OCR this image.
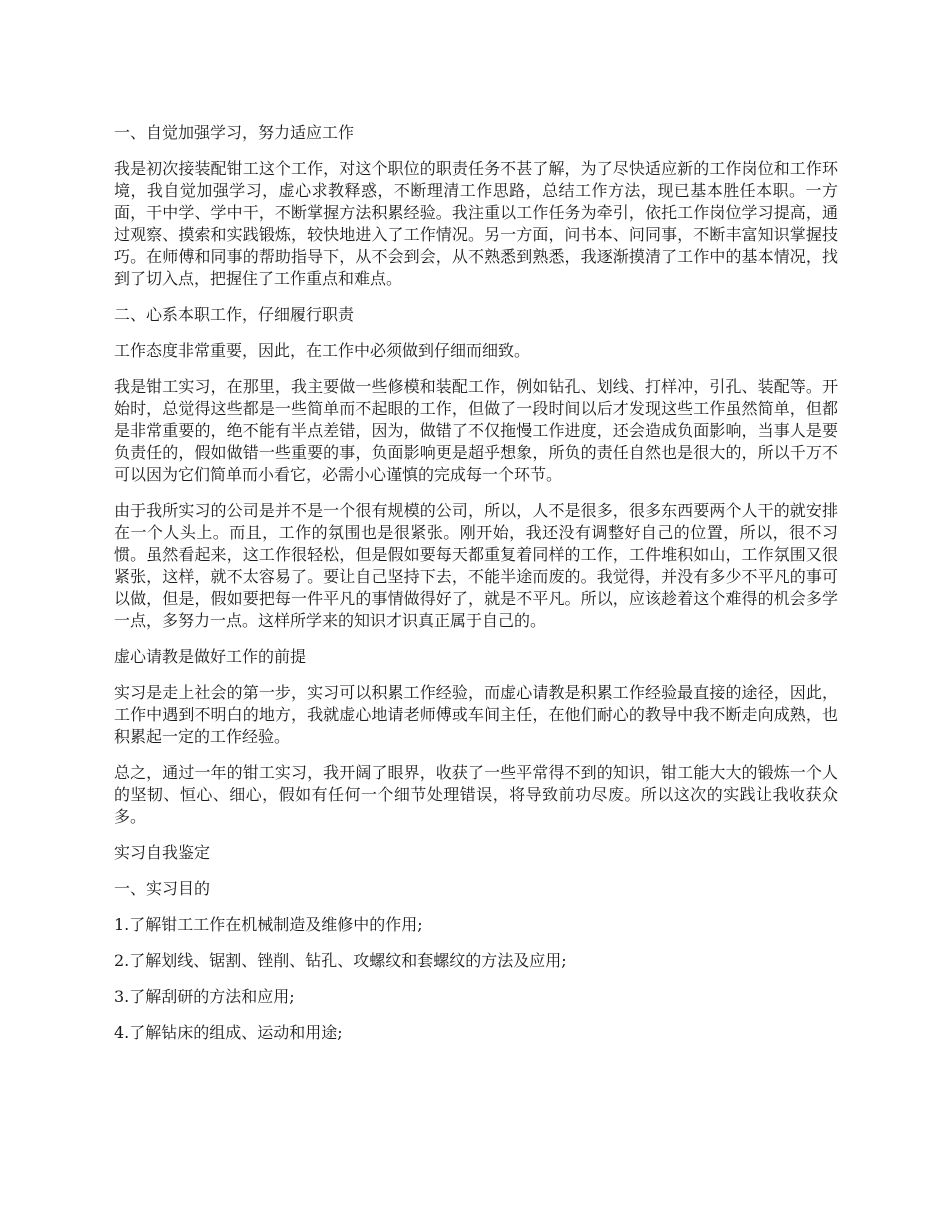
一、自觉加强学习，努力适应工作
我是初次接装配钳工这个工作，对这个职位的职责任务不甚了解，为了尽快适应新的工作岗位和工作环境，我自觉加强学习，虚心求教释惑，不断理清工作思路，总结工作方法，现已基本胜任本职。一方面，干中学、学中干，不断掌握方法积累经验。我注重以工作任务为牵引，依托工作岗位学习提高，通过观察、摸索和实践锻炼，较快地进入了工作情况。另一方面，问书本、问同事，不断丰富知识掌握技巧。在师傅和同事的帮助指导下，从不会到会，从不熟悉到熟悉，我逐渐摸清了工作中的基本情况，找到了切入点，把握住了工作重点和难点。
二、心系本职工作，仔细履行职责
工作态度非常重要，因此，在工作中必须做到仔细而细致。
我是钳工实习，在那里，我主要做一些修模和装配工作，例如钻孔、划线、打样冲，引孔、装配等。开始时，总觉得这些都是一些简单而不起眼的工作，但做了一段时间以后才发现这些工作虽然简单，但都是非常重要的，绝不能有半点差错，因为，做错了不仅拖慢工作进度，还会造成负面影响，当事人是要负责任的，假如做错一些重要的事，负面影响更是超乎想象，所负的责任自然也是很大的，所以千万不可以因为它们简单而小看它，必需小心谨慎的完成每一个环节。
由于我所实习的公司是并不是一个很有规模的公司，所以，人不是很多，很多东西要两个人干的就安排在一个人头上。而且，工作的氛围也是很紧张。刚开始，我还没有调整好自己的位置，所以，很不习惯。虽然看起来，这工作很轻松，但是假如要每天都重复着同样的工作，工件堆积如山，工作氛围又很紧张，这样，就不太容易了。要让自己坚持下去，不能半途而废的。我觉得，并没有多少不平凡的事可以做，但是，假如要把每一件平凡的事情做得好了，就是不平凡。所以，应该趁着这个难得的机会多学一点，多努力一点。这样所学来的知识才识真正属于自己的。
虚心请教是做好工作的前提
实习是走上社会的第一步，实习可以积累工作经验，而虚心请教是积累工作经验最直接的途径，因此，工作中遇到不明白的地方，我就虚心地请老师傅或车间主任，在他们耐心的教导中我不断走向成熟，也积累起一定的工作经验。
总之，通过一年的钳工实习，我开阔了眼界，收获了一些平常得不到的知识，钳工能大大的锻炼一个人的坚韧、恒心、细心，假如有任何一个细节处理错误，将导致前功尽废。所以这次的实践让我收获众多。
实习自我鉴定
一、实习目的
1.了解钳工工作在机械制造及维修中的作用;
2.了解划线、锯割、锉削、钻孔、攻螺纹和套螺纹的方法及应用;
3.了解刮研的方法和应用;
4.了解钻床的组成、运动和用途;
